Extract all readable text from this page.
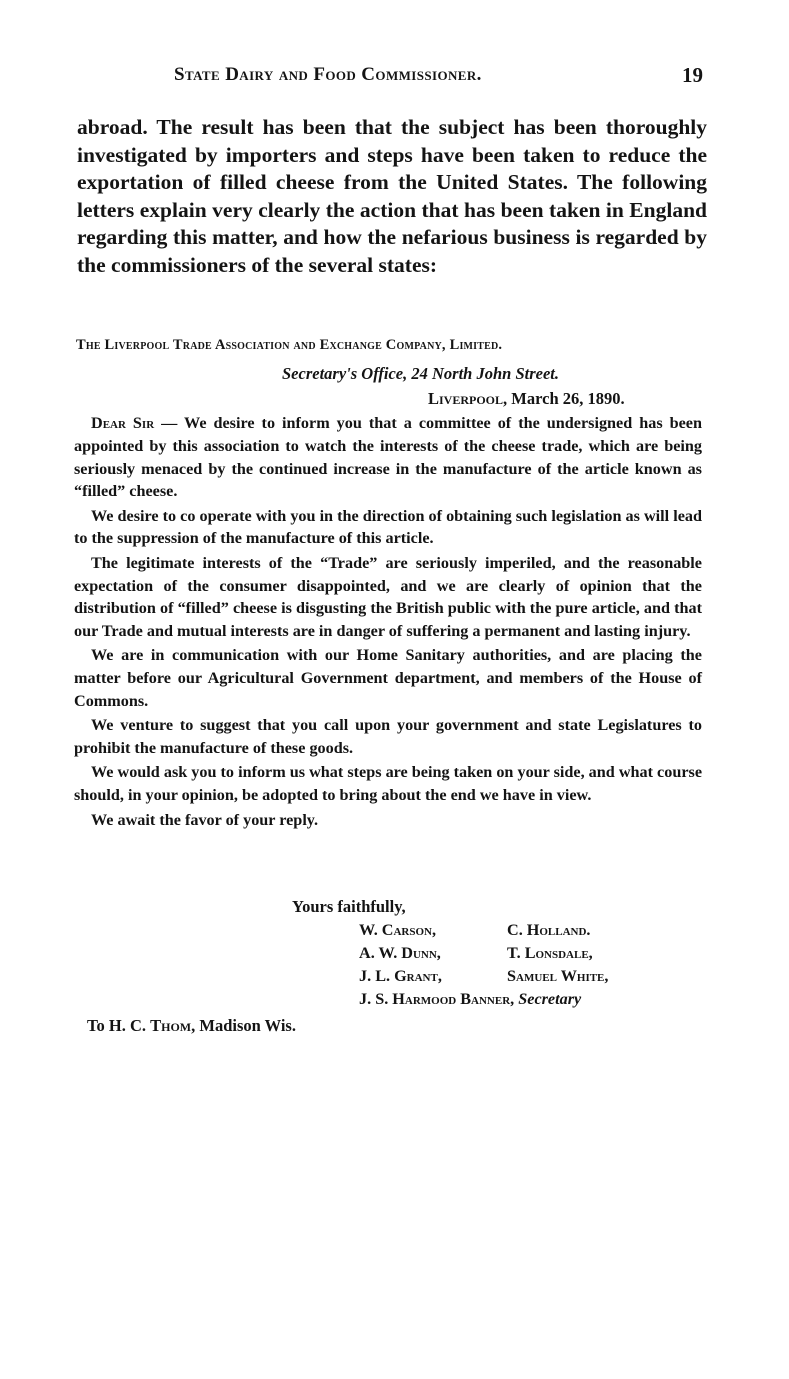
State Dairy and Food Commissioner.	19
abroad. The result has been that the subject has been thoroughly investigated by importers and steps have been taken to reduce the exportation of filled cheese from the United States. The following letters explain very clearly the action that has been taken in England regarding this matter, and how the nefarious business is regarded by the commissioners of the several states:
The Liverpool Trade Association and Exchange Company, Limited.
Secretary's Office, 24 North John Street.
Liverpool, March 26, 1890.

Dear Sir — We desire to inform you that a committee of the undersigned has been appointed by this association to watch the interests of the cheese trade, which are being seriously menaced by the continued increase in the manufacture of the article known as “filled” cheese.

We desire to co operate with you in the direction of obtaining such legislation as will lead to the suppression of the manufacture of this article.

The legitimate interests of the “Trade” are seriously imperiled, and the reasonable expectation of the consumer disappointed, and we are clearly of opinion that the distribution of “filled” cheese is disgusting the British public with the pure article, and that our Trade and mutual interests are in danger of suffering a permanent and lasting injury.

We are in communication with our Home Sanitary authorities, and are placing the matter before our Agricultural Government department, and members of the House of Commons.

We venture to suggest that you call upon your government and state Legislatures to prohibit the manufacture of these goods.

We would ask you to inform us what steps are being taken on your side, and what course should, in your opinion, be adopted to bring about the end we have in view.

We await the favor of your reply.

Yours faithfully,
W. Carson,	C. Holland.
A. W. Dunn,	T. Lonsdale,
J. L. Grant,	Samuel White,
J. S. Harmood Banner, Secretary
To H. C. Thom, Madison Wis.
